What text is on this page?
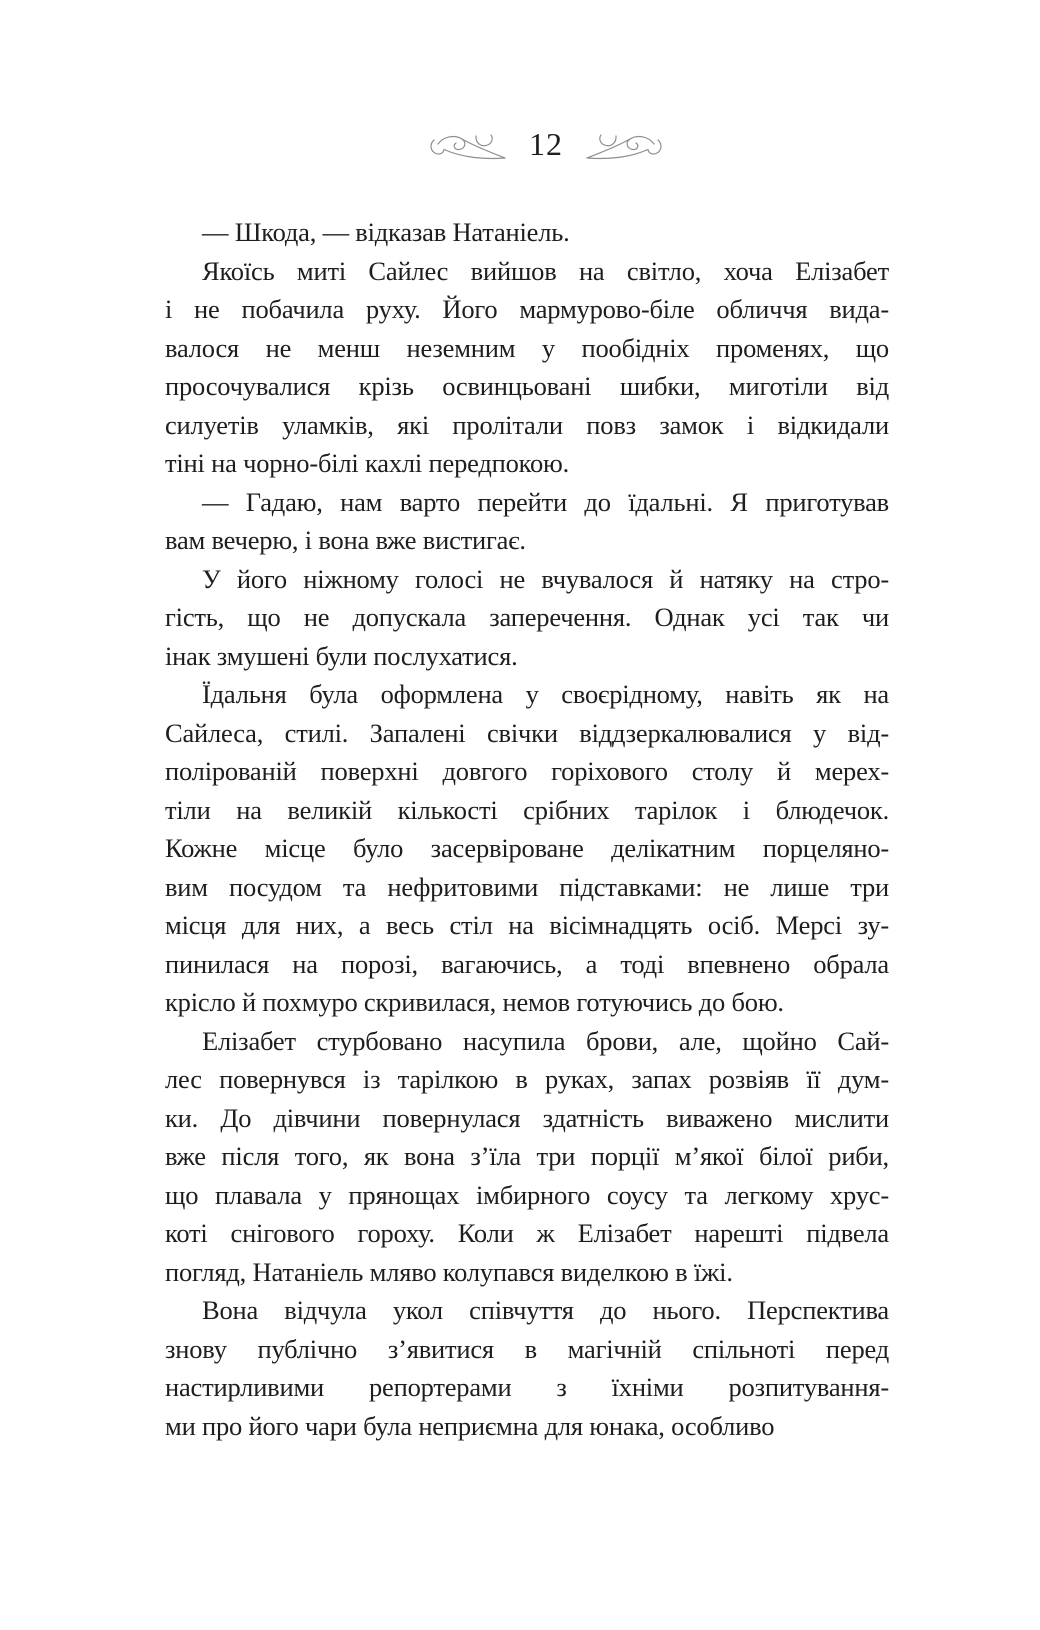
12
— Шкода, — відказав Натаніель.
Якоїсь миті Сайлес вийшов на світло, хоча Елізабет
і не побачила руху. Його мармурово-біле обличчя вида-
валося не менш неземним у пообідніх променях, що
просочувалися крізь освинцьовані шибки, миготіли від
силуетів уламків, які пролітали повз замок і відкидали
тіні на чорно-білі кахлі передпокою.
— Гадаю, нам варто перейти до їдальні. Я приготував
вам вечерю, і вона вже вистигає.
У його ніжному голосі не вчувалося й натяку на стро-
гість, що не допускала заперечення. Однак усі так чи
інак змушені були послухатися.
Їдальня була оформлена у своєрідному, навіть як на
Сайлеса, стилі. Запалені свічки віддзеркалювалися у від-
полірованій поверхні довгого горіхового столу й мерех-
тіли на великій кількості срібних тарілок і блюдечок.
Кожне місце було засервіроване делікатним порцеляно-
вим посудом та нефритовими підставками: не лише три
місця для них, а весь стіл на вісімнадцять осіб. Мерсі зу-
пинилася на порозі, вагаючись, а тоді впевнено обрала
крісло й похмуро скривилася, немов готуючись до бою.
Елізабет стурбовано насупила брови, але, щойно Сай-
лес повернувся із тарілкою в руках, запах розвіяв її дум-
ки. До дівчини повернулася здатність виважено мислити
вже після того, як вона з’їла три порції м’якої білої риби,
що плавала у прянощах імбирного соусу та легкому хрус-
коті снігового гороху. Коли ж Елізабет нарешті підвела
погляд, Натаніель мляво колупався виделкою в їжі.
Вона відчула укол співчуття до нього. Перспектива
знову публічно з’явитися в магічній спільноті перед
настирливими репортерами з їхніми розпитування-
ми про його чари була неприємна для юнака, особливо
